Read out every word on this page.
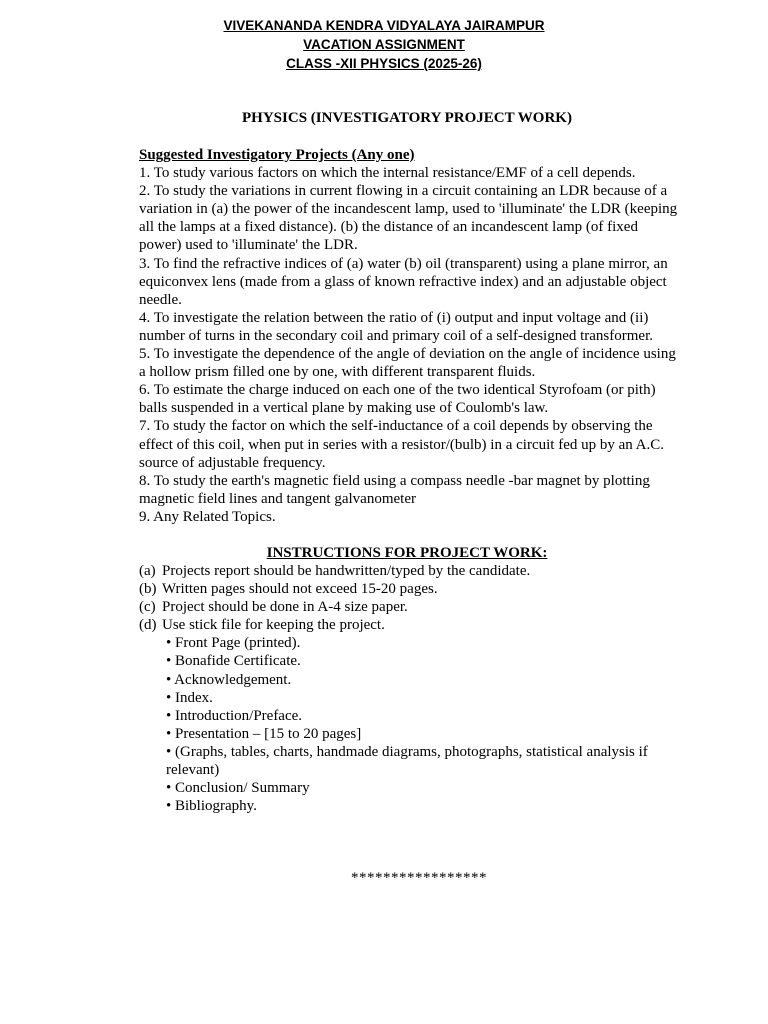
VIVEKANANDA KENDRA VIDYALAYA JAIRAMPUR
VACATION ASSIGNMENT
CLASS -XII PHYSICS (2025-26)
PHYSICS (INVESTIGATORY PROJECT WORK)
Suggested Investigatory Projects (Any one)

1. To study various factors on which the internal resistance/EMF of a cell depends.

2. To study the variations in current flowing in a circuit containing an LDR because of a variation in (a) the power of the incandescent lamp, used to 'illuminate' the LDR (keeping all the lamps at a fixed distance). (b) the distance of an incandescent lamp (of fixed power) used to 'illuminate' the LDR.

3. To find the refractive indices of (a) water (b) oil (transparent) using a plane mirror, an equiconvex lens (made from a glass of known refractive index) and an adjustable object needle.

4. To investigate the relation between the ratio of (i) output and input voltage and (ii) number of turns in the secondary coil and primary coil of a self-designed transformer.

5. To investigate the dependence of the angle of deviation on the angle of incidence using a hollow prism filled one by one, with different transparent fluids.

6. To estimate the charge induced on each one of the two identical Styrofoam (or pith) balls suspended in a vertical plane by making use of Coulomb's law.

7. To study the factor on which the self-inductance of a coil depends by observing the effect of this coil, when put in series with a resistor/(bulb) in a circuit fed up by an A.C. source of adjustable frequency.

8. To study the earth's magnetic field using a compass needle -bar magnet by plotting magnetic field lines and tangent galvanometer

9. Any Related Topics.

INSTRUCTIONS FOR PROJECT WORK:
(a) Projects report should be handwritten/typed by the candidate.
(b) Written pages should not exceed 15-20 pages.
(c) Project should be done in A-4 size paper.
(d) Use stick file for keeping the project.

• Front Page (printed).

• Bonafide Certificate.

• Acknowledgement.

• Index.

• Introduction/Preface.

• Presentation – [15 to 20 pages]

• (Graphs, tables, charts, handmade diagrams, photographs, statistical analysis if relevant)

• Conclusion/ Summary

• Bibliography.

*****************
